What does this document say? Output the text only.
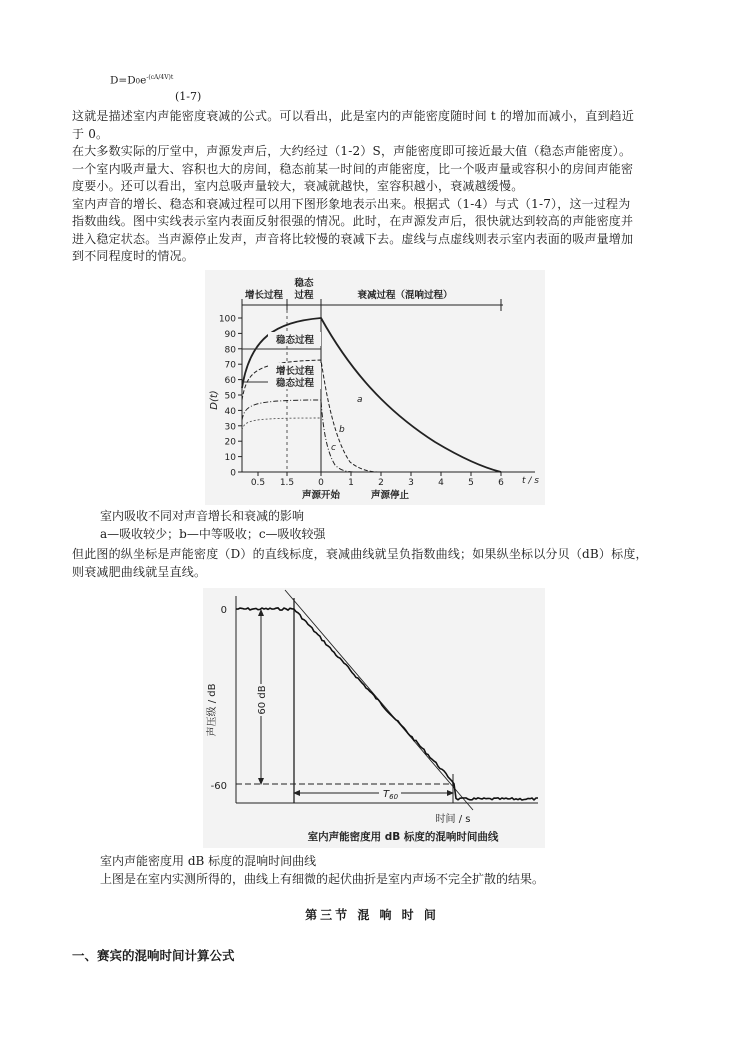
$D=D0e^{-(cA/4V)t}$
(1-7)
这就是描述室内声能密度衰减的公式。可以看出，此是室内的声能密度随时间 t 的增加而减小，直到趋近
于 0。
在大多数实际的厅堂中，声源发声后，大约经过（1-2）S，声能密度即可接近最大值（稳态声能密度）。
一个室内吸声量大、容积也大的房间，稳态前某一时间的声能密度，比一个吸声量或容积小的房间声能密
度要小。还可以看出，室内总吸声量较大，衰减就越快，室容积越小，衰减越缓慢。
室内声音的增长、稳态和衰减过程可以用下图形象地表示出来。根据式（1-4）与式（1-7），这一过程为
指数曲线。图中实线表示室内表面反射很强的情况。此时，在声源发声后，很快就达到较高的声能密度并
进入稳定状态。当声源停止发声，声音将比较慢的衰减下去。虚线与点虚线则表示室内表面的吸声量增加
到不同程度时的情况。
增长过程
稳态
过程	衰减过程（混响过程）
100
90
80
70
60
50
40
30
20
10
0
0.5 1.5	0	1	2	3	4	5	6
D(t)
稳态过程
增长过程
稳态过程
a
b
c
t / s
声源开始	声源停止
室内吸收不同对声音增长和衰减的影响
a—吸收较少；b—中等吸收；c—吸收较强
但此图的纵坐标是声能密度（D）的直线标度，衰减曲线就呈负指数曲线；如果纵坐标以分贝（dB）标度，
则衰减肥曲线就呈直线。
0
-60
60 dB
声压级 / dB
$T_{60}$
时间 / s
室内声能密度用 dB 标度的混响时间曲线
室内声能密度用 dB 标度的混响时间曲线
上图是在室内实测所得的，曲线上有细微的起伏曲折是室内声场不完全扩散的结果。
第三节 混 响 时 间
一、赛宾的混响时间计算公式
